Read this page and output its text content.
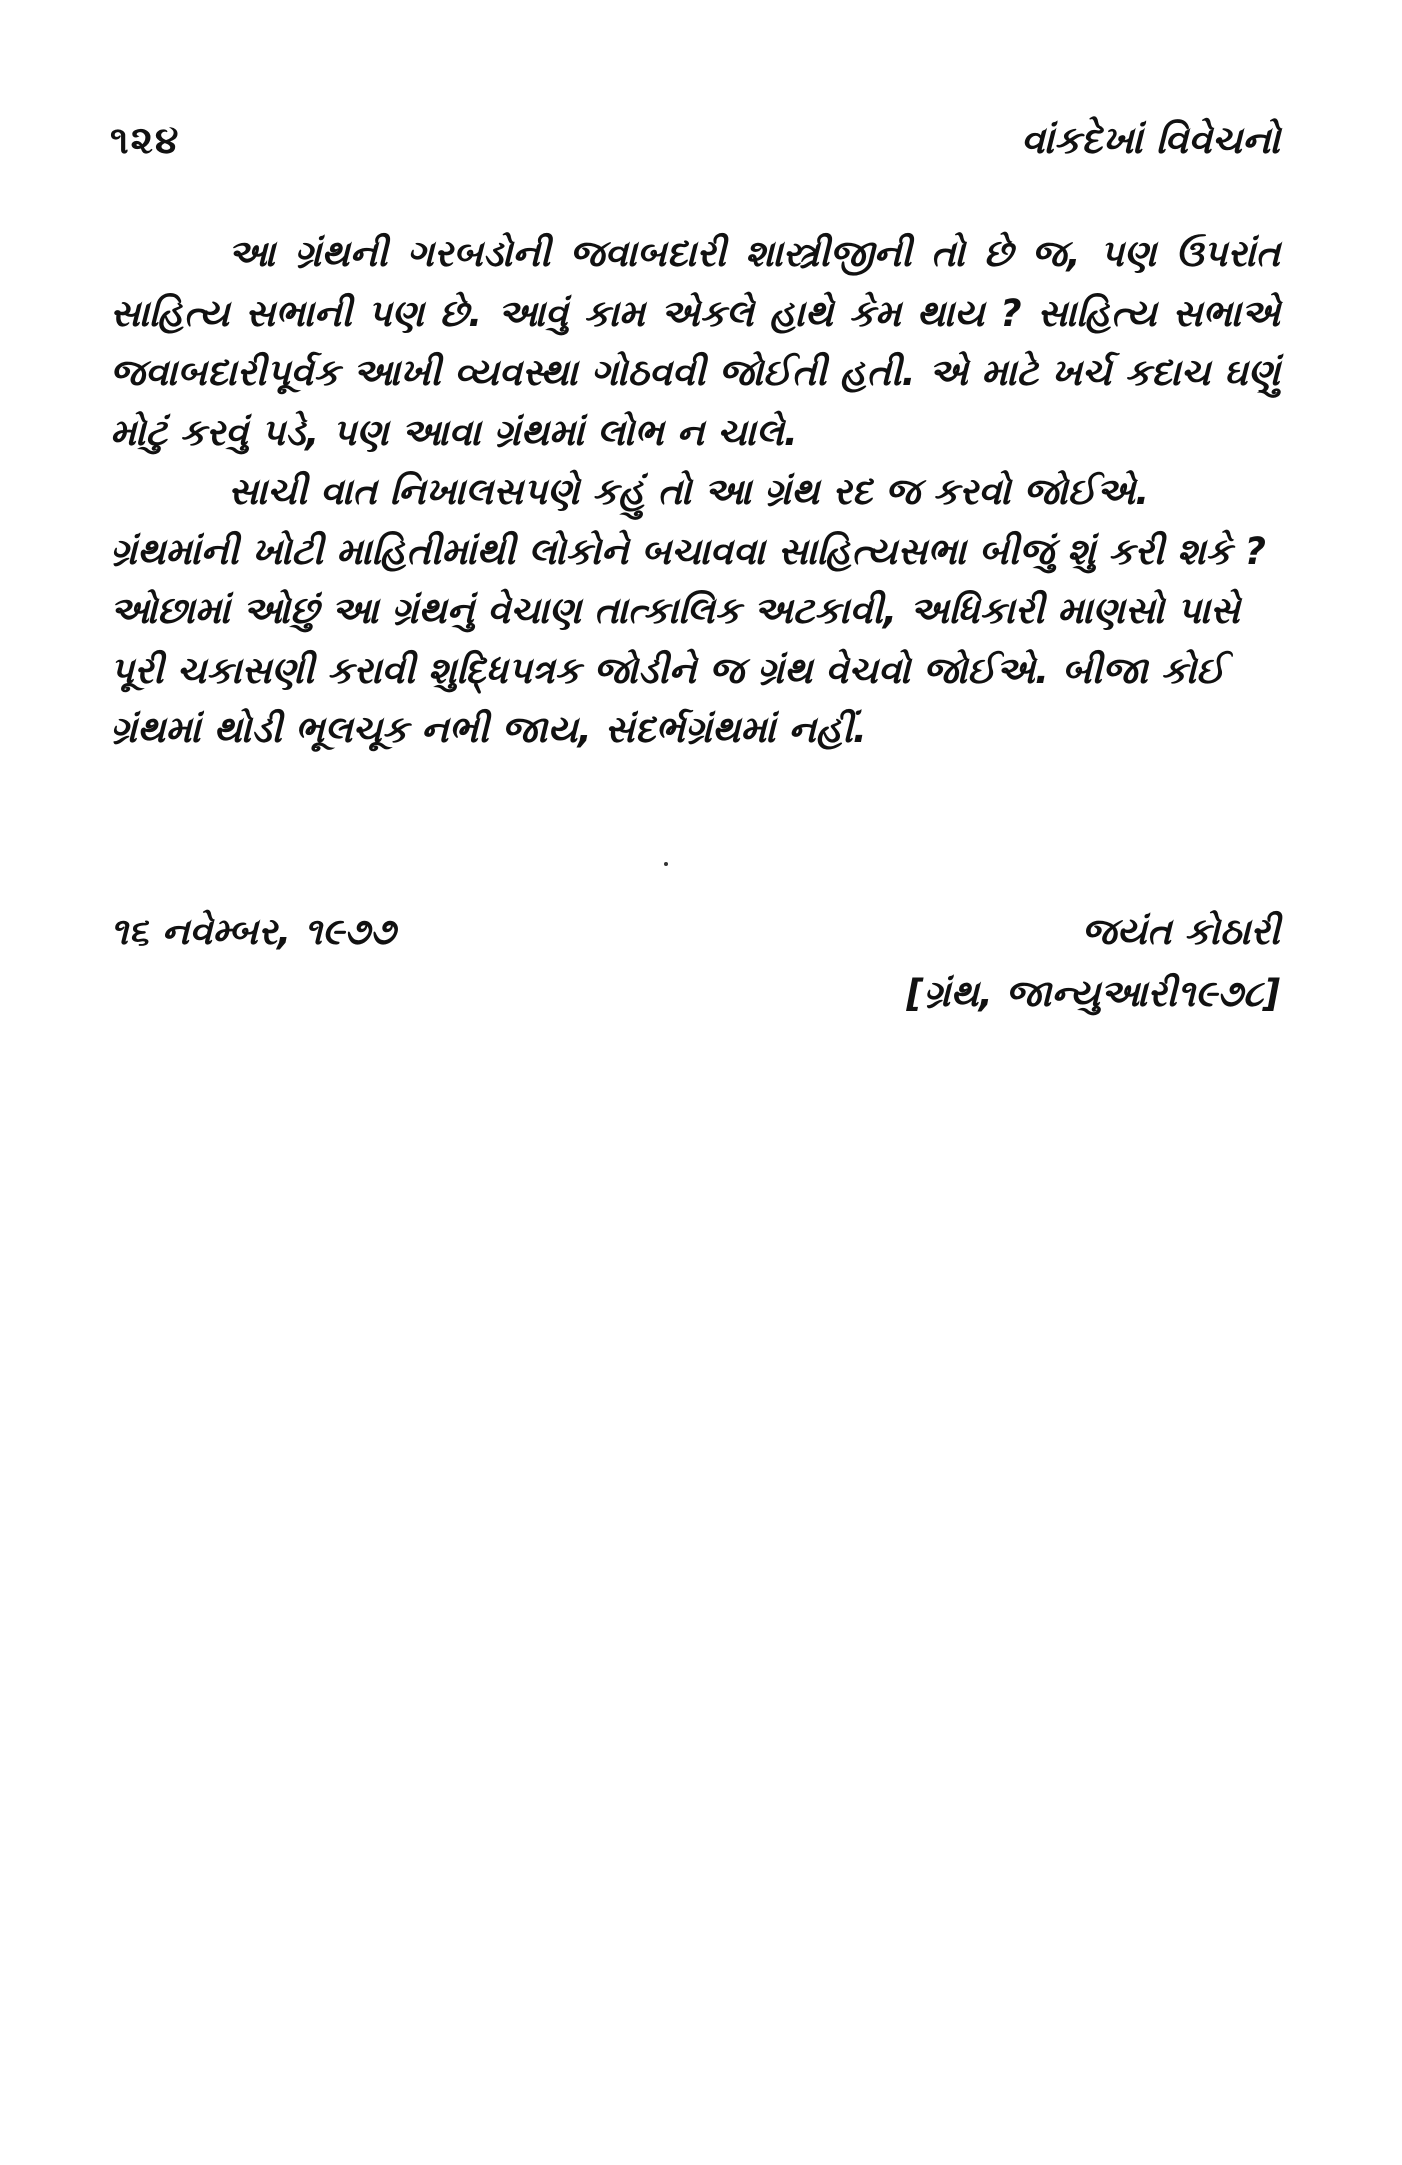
૧૨૪	વાંકદેખાં વિવેચનો

આ ગ્રંથની ગરબડોની જવાબદારી શાસ્ત્રીજીની તો છે જ, પણ ઉપરાંત સાહિત્ય સભાની પણ છે. આવું કામ એકલે હાથે કેમ થાય ? સાહિત્ય સભાએ જવાબદારીપૂર્વક આખી વ્યવસ્થા ગોઠવવી જોઈતી હતી. એ માટે ખર્ચ કદાચ ઘણું મોટું કરવું પડે, પણ આવા ગ્રંથમાં લોભ ન ચાલે.

સાચી વાત નિખાલસપણે કહું તો આ ગ્રંથ રદ જ કરવો જોઈએ. ગ્રંથમાંની ખોટી માહિતીમાંથી લોકોને બચાવવા સાહિત્યસભા બીજું શું કરી શકે ? ઓછામાં ઓછું આ ગ્રંથનું વેચાણ તાત્કાલિક અટકાવી, અધિકારી માણસો પાસે પૂરી ચકાસણી કરાવી શુદ્ધિપત્રક જોડીને જ ગ્રંથ વેચવો જોઈએ. બીજા કોઈ ગ્રંથમાં થોડી ભૂલચૂક નભી જાય, સંદર્ભગ્રંથમાં નહીં.

૧૬ નવેમ્બર, ૧૯૭૭	જયંત કોઠારી
[ગ્રંથ, જાન્યુઆરી૧૯૭૮]
